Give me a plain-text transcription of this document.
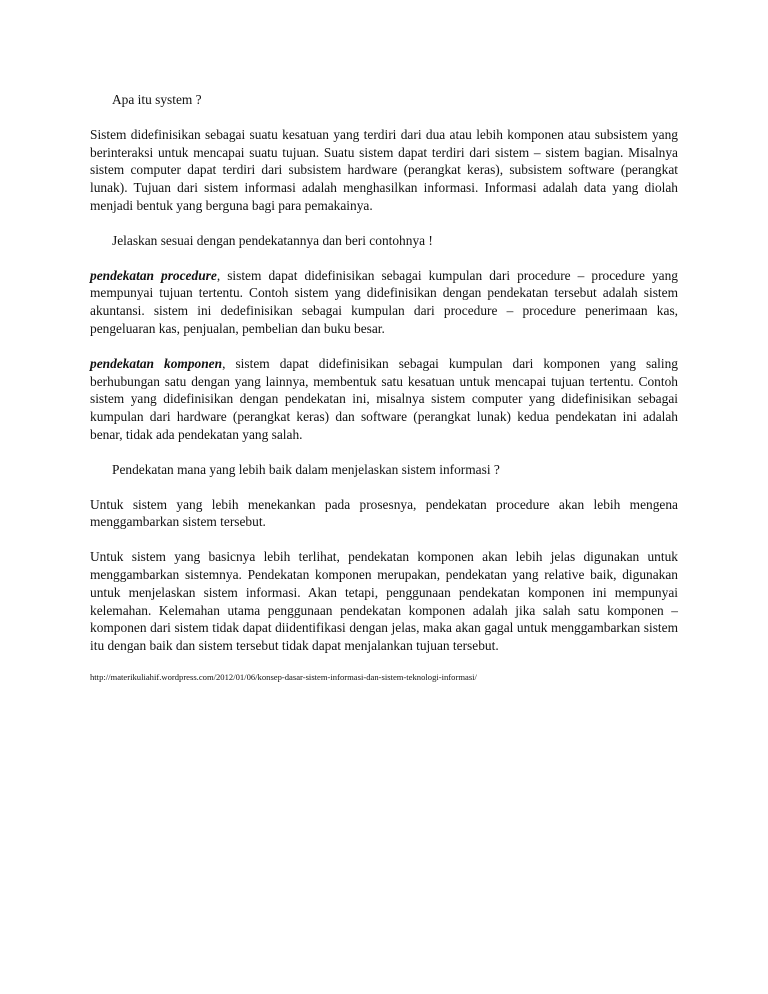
Apa itu system ?

Sistem didefinisikan sebagai suatu kesatuan yang terdiri dari dua atau lebih komponen atau subsistem yang berinteraksi untuk mencapai suatu tujuan. Suatu sistem dapat terdiri dari sistem – sistem bagian. Misalnya sistem computer dapat terdiri dari subsistem hardware (perangkat keras), subsistem software (perangkat lunak). Tujuan dari sistem informasi adalah menghasilkan informasi. Informasi adalah data yang diolah menjadi bentuk yang berguna bagi para pemakainya.

Jelaskan sesuai dengan pendekatannya dan beri contohnya !

pendekatan procedure, sistem dapat didefinisikan sebagai kumpulan dari procedure – procedure yang mempunyai tujuan tertentu. Contoh sistem yang didefinisikan dengan pendekatan tersebut adalah sistem akuntansi. sistem ini dedefinisikan sebagai kumpulan dari procedure – procedure penerimaan kas, pengeluaran kas, penjualan, pembelian dan buku besar.

pendekatan komponen, sistem dapat didefinisikan sebagai kumpulan dari komponen yang saling berhubungan satu dengan yang lainnya, membentuk satu kesatuan untuk mencapai tujuan tertentu. Contoh sistem yang didefinisikan dengan pendekatan ini, misalnya sistem computer yang didefinisikan sebagai kumpulan dari hardware (perangkat keras) dan software (perangkat lunak) kedua pendekatan ini adalah benar, tidak ada pendekatan yang salah.

Pendekatan mana yang lebih baik dalam menjelaskan sistem informasi ?

Untuk sistem yang lebih menekankan pada prosesnya, pendekatan procedure akan lebih mengena menggambarkan sistem tersebut.

Untuk sistem yang basicnya lebih terlihat, pendekatan komponen akan lebih jelas digunakan untuk menggambarkan sistemnya. Pendekatan komponen merupakan, pendekatan yang relative baik, digunakan untuk menjelaskan sistem informasi. Akan tetapi, penggunaan pendekatan komponen ini mempunyai kelemahan. Kelemahan utama penggunaan pendekatan komponen adalah jika salah satu komponen – komponen dari sistem tidak dapat diidentifikasi dengan jelas, maka akan gagal untuk menggambarkan sistem itu dengan baik dan sistem tersebut tidak dapat menjalankan tujuan tersebut.

http://materikuliahif.wordpress.com/2012/01/06/konsep-dasar-sistem-informasi-dan-sistem-teknologi-informasi/
